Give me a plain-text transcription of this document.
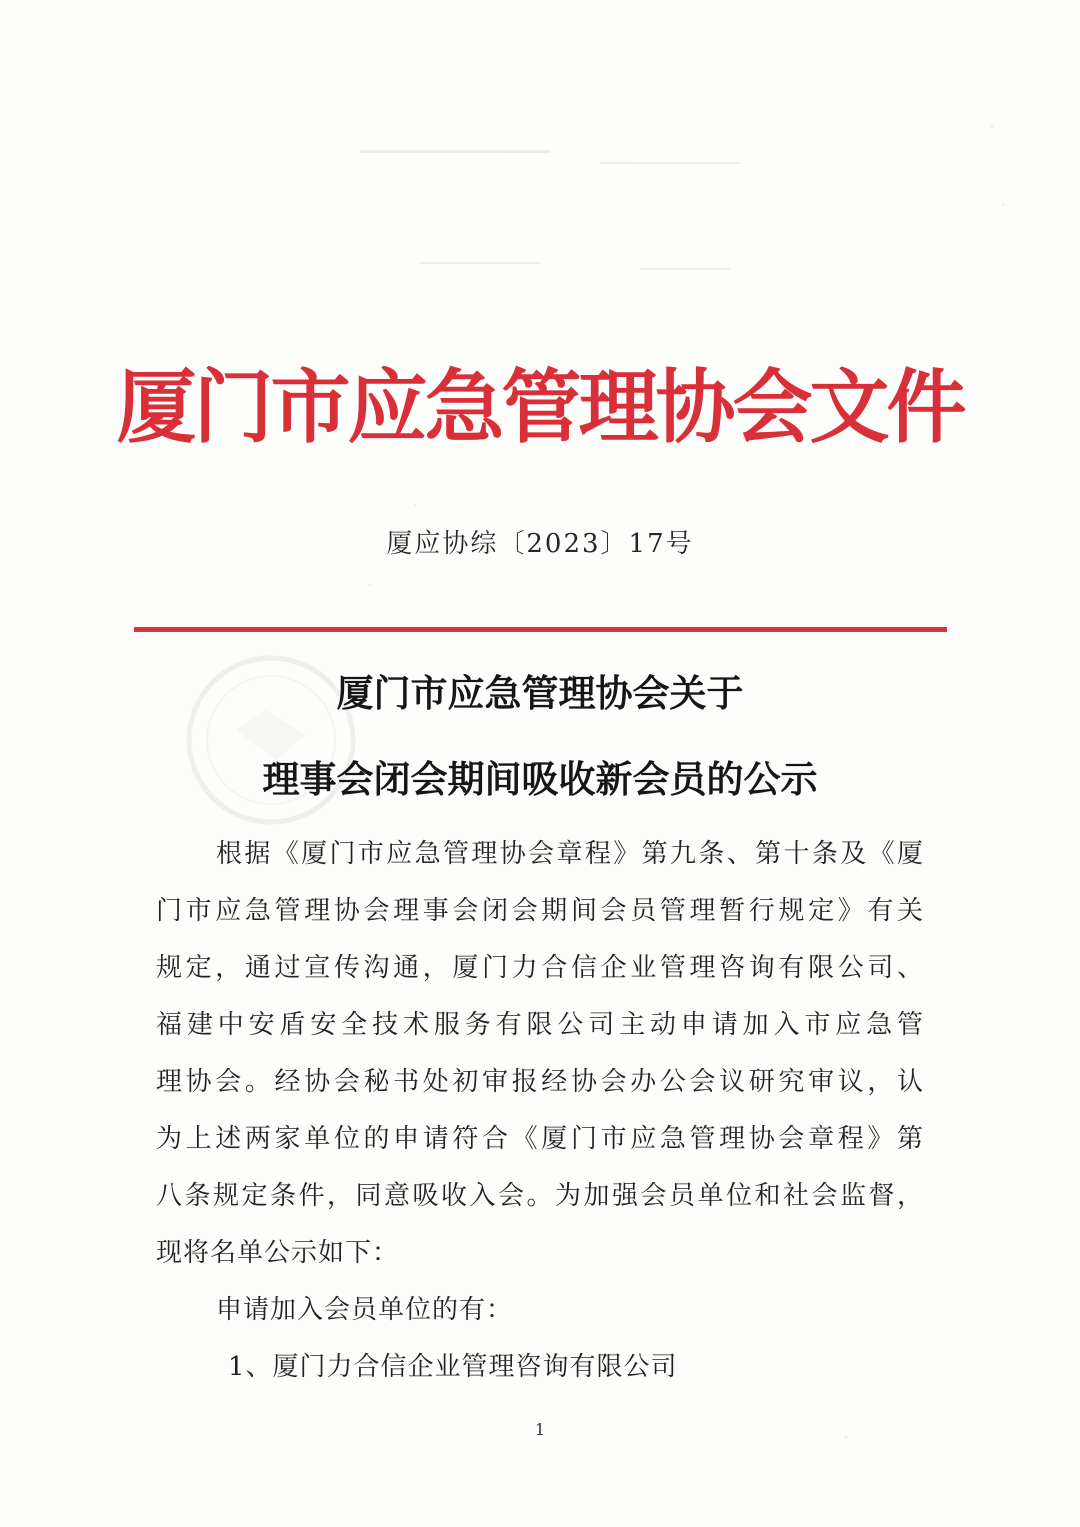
厦门市应急管理协会文件
厦应协综〔2023〕17号
厦门市应急管理协会关于
理事会闭会期间吸收新会员的公示
根据《厦门市应急管理协会章程》第九条、第十条及《厦
门市应急管理协会理事会闭会期间会员管理暂行规定》有关
规定，通过宣传沟通，厦门力合信企业管理咨询有限公司、
福建中安盾安全技术服务有限公司主动申请加入市应急管
理协会。经协会秘书处初审报经协会办公会议研究审议，认
为上述两家单位的申请符合《厦门市应急管理协会章程》第
八条规定条件，同意吸收入会。为加强会员单位和社会监督，
现将名单公示如下：
申请加入会员单位的有：
1、厦门力合信企业管理咨询有限公司
1
